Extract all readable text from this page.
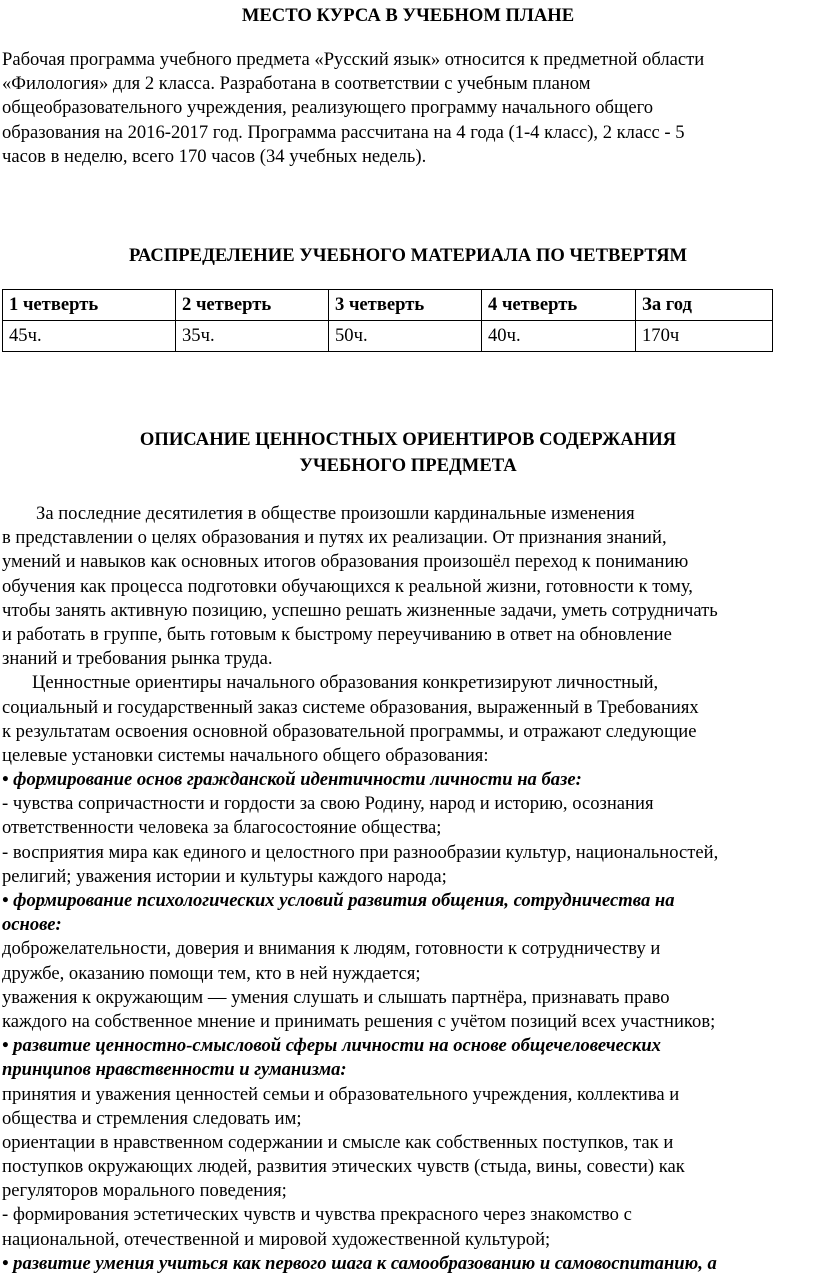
МЕСТО КУРСА В УЧЕБНОМ ПЛАНЕ
Рабочая программа учебного предмета «Русский язык» относится к предметной области
«Филология» для 2 класса. Разработана в соответствии с учебным планом
общеобразовательного учреждения, реализующего программу начального общего
образования на 2016-2017 год. Программа рассчитана на 4 года (1-4 класс), 2 класс - 5
часов в неделю, всего 170 часов (34 учебных недель).
РАСПРЕДЕЛЕНИЕ УЧЕБНОГО МАТЕРИАЛА ПО ЧЕТВЕРТЯМ
1 четверть	2 четверть	3 четверть	4 четверть	За год
45ч.	35ч.	50ч.	40ч.	170ч
ОПИСАНИЕ ЦЕННОСТНЫХ ОРИЕНТИРОВ СОДЕРЖАНИЯ
УЧЕБНОГО ПРЕДМЕТА
За последние десятилетия в обществе произошли кардинальные изменения
в представлении о целях образования и путях их реализации. От признания знаний,
умений и навыков как основных итогов образования произошёл переход к пониманию
обучения как процесса подготовки обучающихся к реальной жизни, готовности к тому,
чтобы занять активную позицию, успешно решать жизненные задачи, уметь сотрудничать
и работать в группе, быть готовым к быстрому переучиванию в ответ на обновление
знаний и требования рынка труда.
Ценностные ориентиры начального образования конкретизируют личностный,
социальный и государственный заказ системе образования, выраженный в Требованиях
к результатам освоения основной образовательной программы, и отражают следующие
целевые установки системы начального общего образования:
• формирование основ гражданской идентичности личности на базе:
- чувства сопричастности и гордости за свою Родину, народ и историю, осознания
ответственности человека за благосостояние общества;
- восприятия мира как единого и целостного при разнообразии культур, национальностей,
религий; уважения истории и культуры каждого народа;
• формирование психологических условий развития общения, сотрудничества на
основе:
доброжелательности, доверия и внимания к людям, готовности к сотрудничеству и
дружбе, оказанию помощи тем, кто в ней нуждается;
уважения к окружающим — умения слушать и слышать партнёра, признавать право
каждого на собственное мнение и принимать решения с учётом позиций всех участников;
• развитие ценностно-смысловой сферы личности на основе общечеловеческих
принципов нравственности и гуманизма:
принятия и уважения ценностей семьи и образовательного учреждения, коллектива и
общества и стремления следовать им;
ориентации в нравственном содержании и смысле как собственных поступков, так и
поступков окружающих людей, развития этических чувств (стыда, вины, совести) как
регуляторов морального поведения;
- формирования эстетических чувств и чувства прекрасного через знакомство с
национальной, отечественной и мировой художественной культурой;
• развитие умения учиться как первого шага к самообразованию и самовоспитанию, а
